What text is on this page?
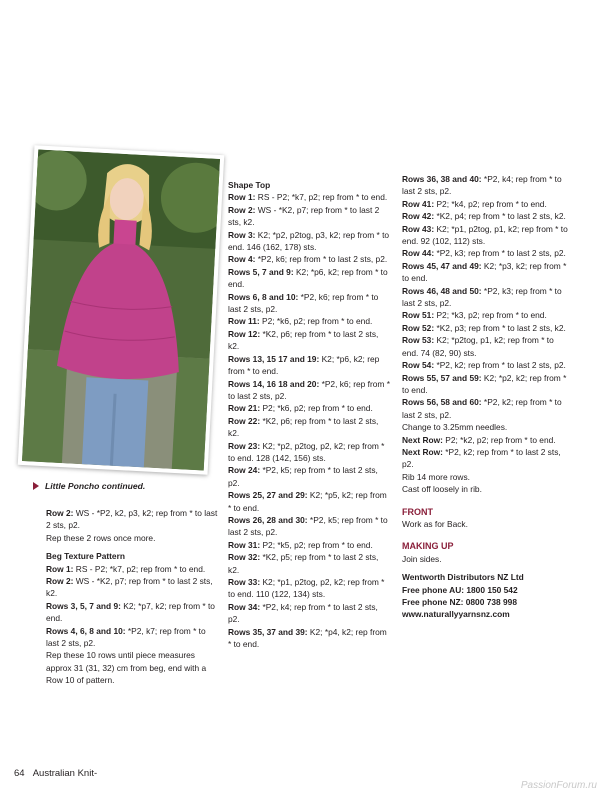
Little Poncho continued.

Row 2: WS - *P2, k2, p3, k2; rep from * to last 2 sts, p2.

Rep these 2 rows once more.

Beg Texture Pattern

Row 1: RS - P2; *k7, p2; rep from * to end.

Row 2: WS - *K2, p7; rep from * to last 2 sts, k2.

Rows 3, 5, 7 and 9: K2; *p7, k2; rep from * to end.

Rows 4, 6, 8 and 10: *P2, k7; rep from * to last 2 sts, p2.

Rep these 10 rows until piece measures approx 31 (31, 32) cm from beg, end with a Row 10 of pattern.

Shape Top

Row 1: RS - P2; *k7, p2; rep from * to end.

Row 2: WS - *K2, p7; rep from * to last 2 sts, k2.

Row 3: K2; *p2, p2tog, p3, k2; rep from * to end. 146 (162, 178) sts.

Row 4: *P2, k6; rep from * to last 2 sts, p2.

Rows 5, 7 and 9: K2; *p6, k2; rep from * to end.

Rows 6, 8 and 10: *P2, k6; rep from * to last 2 sts, p2.

Row 11: P2; *k6, p2; rep from * to end.

Row 12: *K2, p6; rep from * to last 2 sts, k2.

Rows 13, 15 17 and 19: K2; *p6, k2; rep from * to end.

Rows 14, 16 18 and 20: *P2, k6; rep from * to last 2 sts, p2.

Row 21: P2; *k6, p2; rep from * to end.

Row 22: *K2, p6; rep from * to last 2 sts, k2.

Row 23: K2; *p2, p2tog, p2, k2; rep from * to end. 128 (142, 156) sts.

Row 24: *P2, k5; rep from * to last 2 sts, p2.

Rows 25, 27 and 29: K2; *p5, k2; rep from * to end.

Rows 26, 28 and 30: *P2, k5; rep from * to last 2 sts, p2.

Row 31: P2; *k5, p2; rep from * to end.

Row 32: *K2, p5; rep from * to last 2 sts, k2.

Row 33: K2; *p1, p2tog, p2, k2; rep from * to end. 110 (122, 134) sts.

Row 34: *P2, k4; rep from * to last 2 sts, p2.

Rows 35, 37 and 39: K2; *p4, k2; rep from * to end.

Rows 36, 38 and 40: *P2, k4; rep from * to last 2 sts, p2.

Row 41: P2; *k4, p2; rep from * to end.

Row 42: *K2, p4; rep from * to last 2 sts, k2.

Row 43: K2; *p1, p2tog, p1, k2; rep from * to end. 92 (102, 112) sts.

Row 44: *P2, k3; rep from * to last 2 sts, p2.

Rows 45, 47 and 49: K2; *p3, k2; rep from * to end.

Rows 46, 48 and 50: *P2, k3; rep from * to last 2 sts, p2.

Row 51: P2; *k3, p2; rep from * to end.

Row 52: *K2, p3; rep from * to last 2 sts, k2.

Row 53: K2; *p2tog, p1, k2; rep from * to end. 74 (82, 90) sts.

Row 54: *P2, k2; rep from * to last 2 sts, p2.

Rows 55, 57 and 59: K2; *p2, k2; rep from * to end.

Rows 56, 58 and 60: *P2, k2; rep from * to last 2 sts, p2.

Change to 3.25mm needles.

Next Row: P2; *k2, p2; rep from * to end.

Next Row: *P2, k2; rep from * to last 2 sts, p2.

Rib 14 more rows.

Cast off loosely in rib.

FRONT

Work as for Back.

MAKING UP

Join sides.

Wentworth Distributors NZ Ltd

Free phone AU: 1800 150 542

Free phone NZ: 0800 738 998

www.naturallyyarnsnz.com

64 Australian Knit-
PassionForum.ru
